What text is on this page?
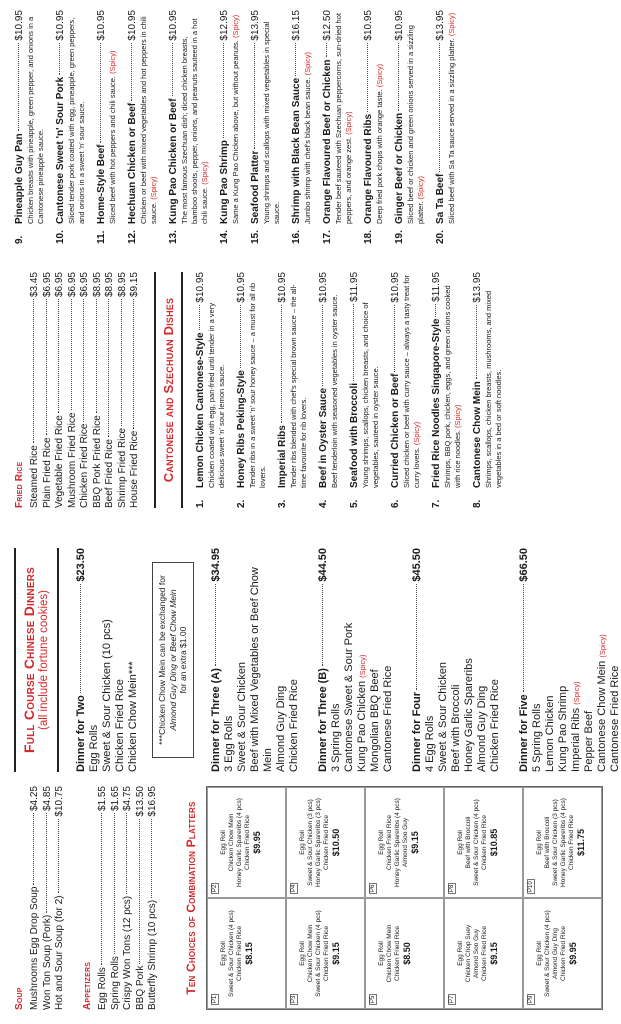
Soup Mushrooms Egg Drop Soup
$4.25
Won Ton Soup (Pork)
$4.85
Hot and Sour Soup (for 2)
$10.75
Appetizers Egg Rolls
$1.55
Spring Rolls
$1.65
Crispy Won Tons (12 pcs)
$4.75
BBQ Pork
$13.50
Butterfly Shrimp (10 pcs)
$16.95
Ten Choices of Combination Platters
P1
Egg Roll Sweet & Sour Chicken (4 pcs) Chicken Fried Rice $8.15
P2
Egg Roll Chicken Chow Mein Honey Garlic Spareribs (4 pcs) Chicken Fried Rice $9.95
P3
Egg Roll Chicken Chow Mein Sweet & Sour Chicken (4 pcs) Chicken Fried Rice $9.15
P4
Egg Roll Sweet & Sour Chicken (3 pcs) Honey Garlic Spareribs (3 pcs) Chicken Fried Rice $10.50
P5
Egg Roll Chicken Chow Mein Chicken Fried Rice $8.50
P6
Egg Roll Chicken Fried Rice Honey Garlic Spareribs (4 pcs) Almond Soo Guy $9.15
P7
Egg Roll Chicken Chop Suey Almond Soo Guy Chicken Fried Rice $9.15
P8
Egg Roll Beef with Broccoli Sweet & Sour Chicken (4 pcs) Chicken Fried Rice $10.85
P9
Egg Roll Sweet & Sour Chicken (4 pcs) Almond Guy Ding Chicken Fried Rice $9.95
P10
Egg Roll Beef with Broccoli Sweet & Sour Chicken (3 pcs) Honey Garlic Spareribs (4 pcs) Chicken Fried Rice $11.75
Full Course Chinese Dinners (all include fortune cookies)
Dinner for Two
$23.50
Egg Rolls Sweet & Sour Chicken (10 pcs) Chicken Fried Rice Chicken Chow Mein*** ***Chicken Chow Mein can be exchanged for Almond Guy Ding or Beef Chow Mein for an extra $1.00
Dinner for Three (A)
$34.95
3 Egg Rolls Sweet & Sour Chicken Beef with Mixed Vegetables or Beef Chow Mein Almond Guy Ding Chicken Fried Rice Dinner for Three (B)
$44.50
3 Spring Rolls Cantonese Sweet & Sour Pork Kung Pao Chicken (Spicy)
Mongolian BBQ Beef Cantonese Fried Rice Dinner for Four
$45.50
4 Egg Rolls Sweet & Sour Chicken Beef with Broccoli Honey Garlic Spareribs Almond Guy Ding Chicken Fried Rice Dinner for Five
$66.50
5 Spring Rolls Lemon Chicken Kung Pao Shrimp Imperial Ribs (Spicy)
Pepper Beef Cantonese Chow Mein (Spicy)
Cantonese Fried Rice
Fried Rice Steamed Rice
$3.45
Plain Fried Rice
$6.95
Vegetable Fried Rice
$6.95
Mushroom Fried Rice
$6.95
Chicken Fried Rice
$6.95
BBQ Pork Fried Rice
$8.95
Beef Fried Rice
$8.95
Shrimp Fried Rice
$8.95
House Fried Rice
$9.15
Cantonese and Szechuan Dishes
1.
Lemon Chicken Cantonese-Style
$10.95
Chicken coated with egg, pan-fried until tender in a very delicious sweet 'n' sour lemon sauce.
2.
Honey Ribs Peking-Style
$10.95 Tender ribs in a sweet 'n' sour honey sauce – a must for all rib lovers.
3.
Imperial Ribs
$10.95 Tender ribs blended with chef's special brown sauce – the all-time favourite for rib lovers.
4.
Beef in Oyster Sauce
$10.95
Beef tenderloin with seasoned vegetables in oyster sauce.
5.
Seafood with Broccoli
$11.95
Young shrimps, scallops, chicken breasts, and choice of vegetables, sauteed in oyster sauce.
6.
Curried Chicken or Beef
$10.95 Sliced chicken or beef with curry sauce – always a tasty treat for curry lovers. (Spicy)
7.
Fried Rice Noodles Singapore-Style
$11.95 Shrimps, BBQ pork, chicken, eggs, and green onions cooked with rice noodles. (Spicy)
8.
Cantonese Chow Mein
$13.95
Shrimps, scallops, chicken breasts, mushrooms, and mixed vegetables in a bed or soft noodles.
9.
Pineapple Guy Pan
$10.95 Chicken breasts with pineapple, green pepper, and onions in a Cantonese pineapple sauce.
10.
Cantonese Sweet 'n' Sour Pork
$10.95 Sliced tender pork coated with egg, pineapple, green peppers, and onions in a sweet 'n' sour sauce.
11.
Home-Style Beef
$10.95
Sliced beef with hot peppers and chili sauce. (Spicy)
12.
Hechuan Chicken or Beef
$10.95 Chicken or beef with mixed vegetables and hot peppers in chili sauce. (Spicy)
13.
Kung Pao Chicken or Beef
$10.95
The most famous Szechuan dish; diced chicken breasts, bamboo shoots, pepper, onions, and peanuts sauteed in a hot chili sauce. (Spicy)
14.
Kung Pao Shrimp
$12.95
Same a Kung Pao Chicken above, but without peanuts. (Spicy)
15.
Seafood Platter
$13.95 Young shrimps and scallops with mixed vegetables in special sauce.
16.
Shrimp with Black Bean Sauce
$16.15
Jumbo shrimp with chef's black bean sauce. (Spicy)
17.
Orange Flavoured Beef or Chicken
$12.50 Tender beef sauteed with Szechuan peppercorns, sun-dried hot peppers, and orange zest. (Spicy)
18.
Orange Flavoured Ribs
$10.95
Deep fried pork chops with orange taste. (Spicy)
19.
Ginger Beef or Chicken
$10.95 Sliced beef or chicken and green onions served in a sizzling platter. (Spicy)
20.
Sa Ta Beef
$13.95
Sliced beef with Sa Ta sauce served in a sizzling platter. (Spicy)
